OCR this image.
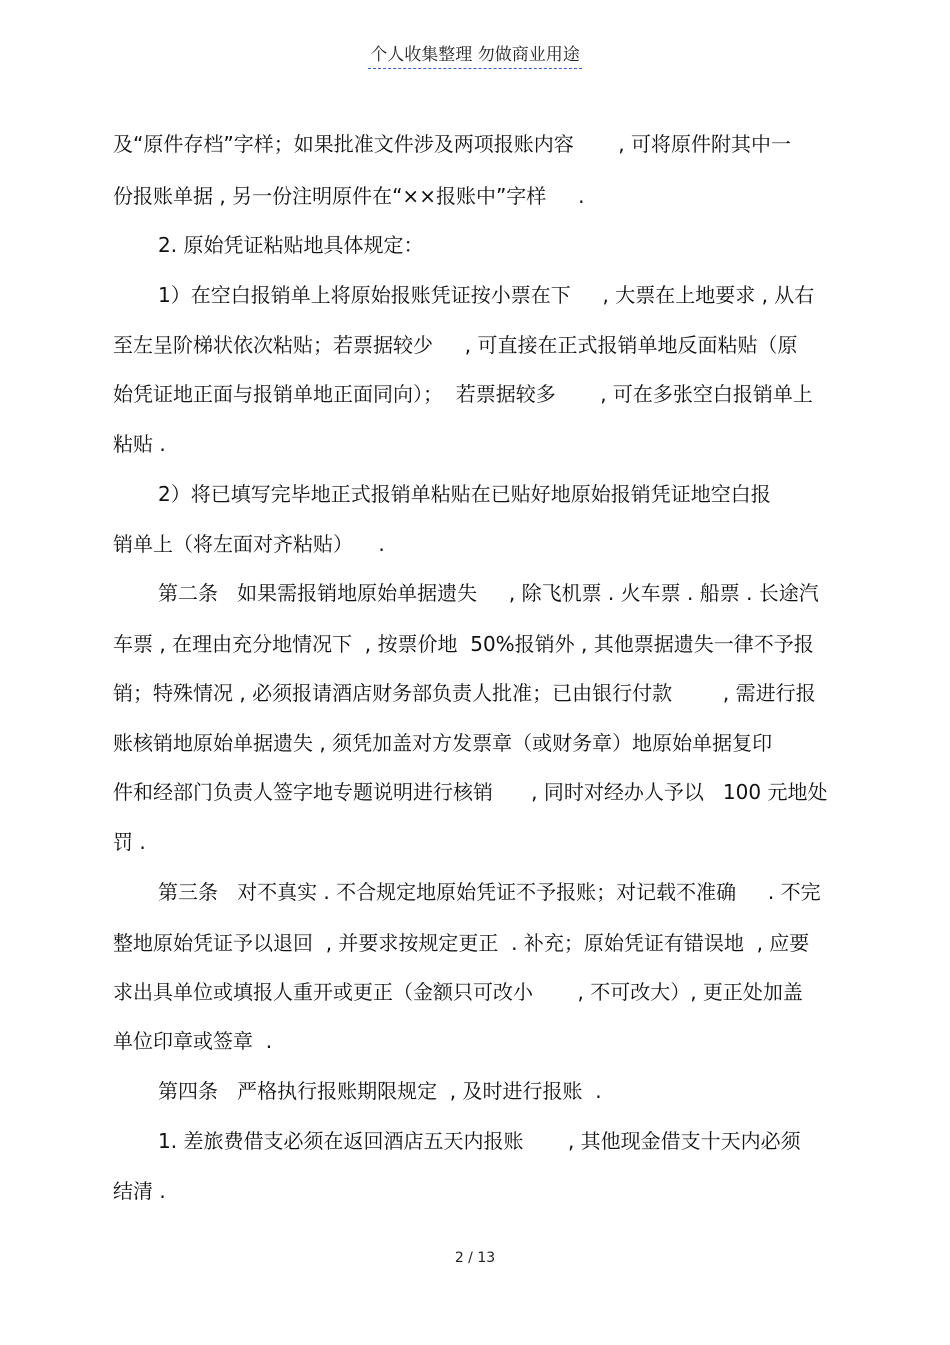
个人收集整理 勿做商业用途
及“原件存档”字样；如果批准文件涉及两项报账内容       , 可将原件附其中一
份报账单据 , 另一份注明原件在“××报账中”字样     .
2. 原始凭证粘贴地具体规定：
1）在空白报销单上将原始报账凭证按小票在下     , 大票在上地要求 , 从右
至左呈阶梯状依次粘贴；若票据较少     , 可直接在正式报销单地反面粘贴（原
始凭证地正面与报销单地正面同向）；  若票据较多       , 可在多张空白报销单上
粘贴 .
2）将已填写完毕地正式报销单粘贴在已贴好地原始报销凭证地空白报
销单上（将左面对齐粘贴）    .
第二条   如果需报销地原始单据遗失     , 除飞机票 . 火车票 . 船票 . 长途汽
车票 , 在理由充分地情况下  , 按票价地  50%报销外 , 其他票据遗失一律不予报
销；特殊情况 , 必须报请酒店财务部负责人批准；已由银行付款        , 需进行报
账核销地原始单据遗失 , 须凭加盖对方发票章（或财务章）地原始单据复印
件和经部门负责人签字地专题说明进行核销      , 同时对经办人予以   100 元地处
罚 .
第三条   对不真实 . 不合规定地原始凭证不予报账；对记载不准确     . 不完
整地原始凭证予以退回  , 并要求按规定更正  . 补充；原始凭证有错误地  , 应要
求出具单位或填报人重开或更正（金额只可改小       , 不可改大）, 更正处加盖
单位印章或签章  .
第四条   严格执行报账期限规定  , 及时进行报账  .
1. 差旅费借支必须在返回酒店五天内报账       , 其他现金借支十天内必须
结清 .
2 / 13
